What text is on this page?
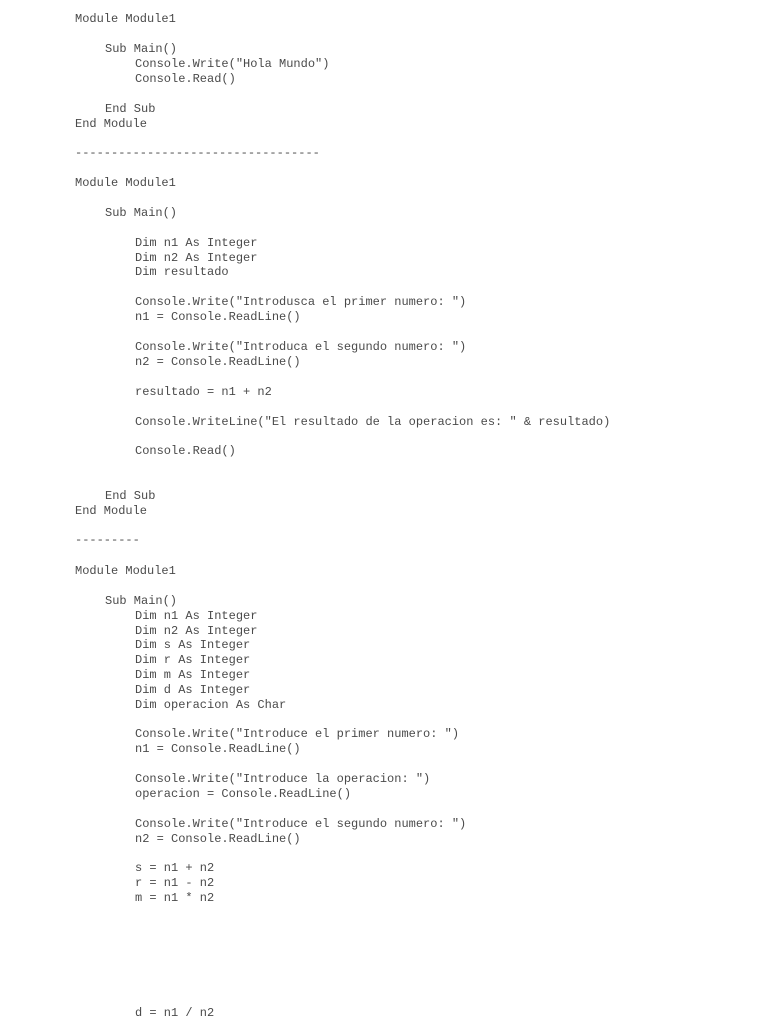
Module Module1
Sub Main()
Console.Write("Hola Mundo")
Console.Read()
End Sub
End Module
----------------------------------
Module Module1
Sub Main()
Dim n1 As Integer
Dim n2 As Integer
Dim resultado
Console.Write("Introdusca el primer numero: ")
n1 = Console.ReadLine()
Console.Write("Introduca el segundo numero: ")
n2 = Console.ReadLine()
resultado = n1 + n2
Console.WriteLine("El resultado de la operacion es: " & resultado)
Console.Read()
End Sub
End Module
---------
Module Module1
Sub Main()
Dim n1 As Integer
Dim n2 As Integer
Dim s As Integer
Dim r As Integer
Dim m As Integer
Dim d As Integer
Dim operacion As Char
Console.Write("Introduce el primer numero: ")
n1 = Console.ReadLine()
Console.Write("Introduce la operacion: ")
operacion = Console.ReadLine()
Console.Write("Introduce el segundo numero: ")
n2 = Console.ReadLine()
s = n1 + n2
r = n1 - n2
m = n1 * n2
d = n1 / n2
